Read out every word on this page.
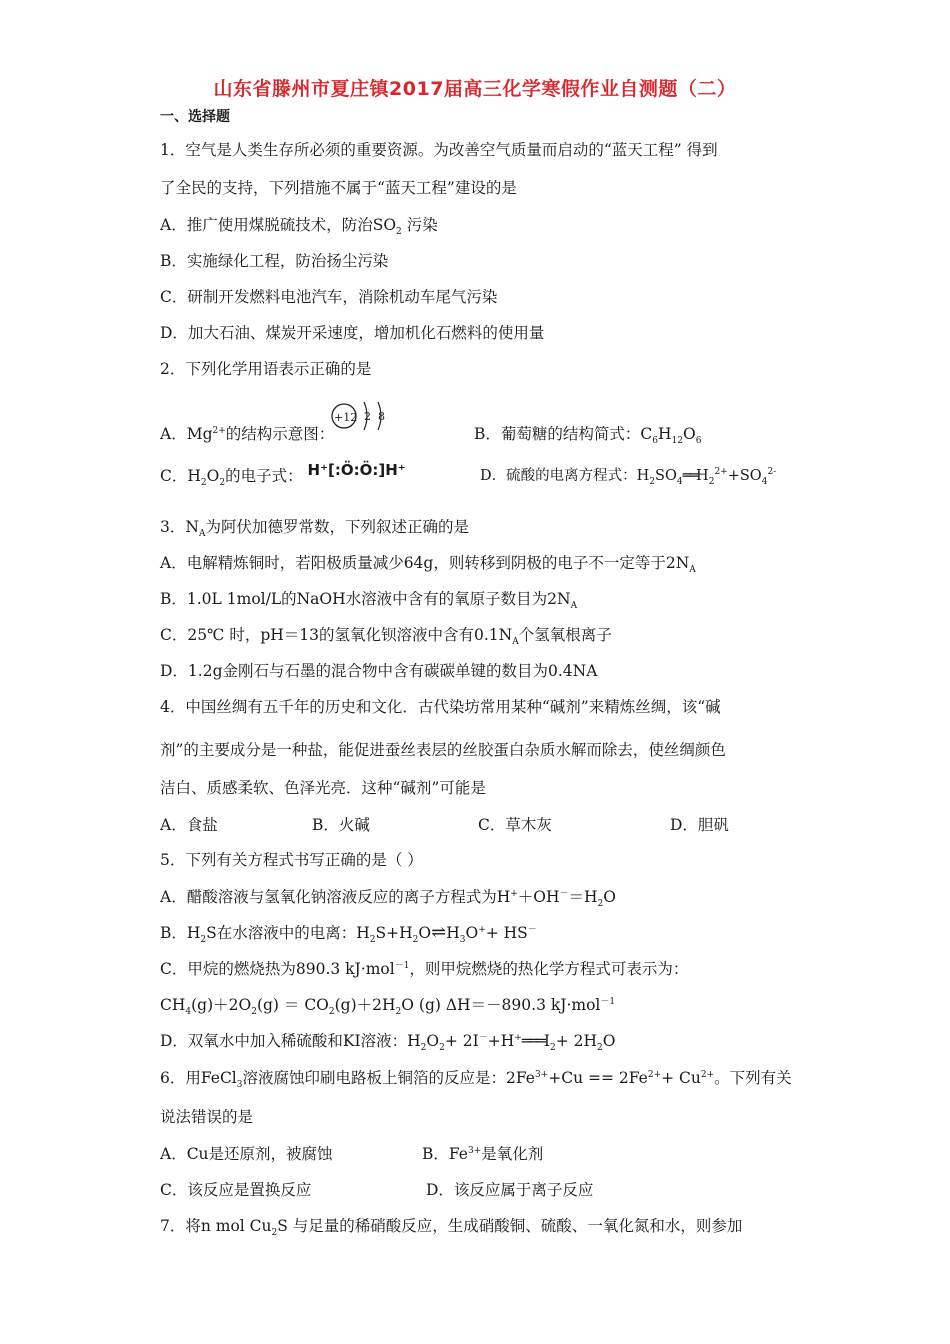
山东省滕州市夏庄镇2017届高三化学寒假作业自测题（二）
一、选择题
1．空气是人类生存所必须的重要资源。为改善空气质量而启动的“蓝天工程” 得到
了全民的支持，下列措施不属于“蓝天工程”建设的是
A．推广使用煤脱硫技术，防治$SO_2$ 污染
B．实施绿化工程，防治扬尘污染
C．研制开发燃料电池汽车，消除机动车尾气污染
D．加大石油、煤炭开采速度，增加机化石燃料的使用量
2．下列化学用语表示正确的是
A．$Mg^{2+}$的结构示意图：
+12 2 8
B．葡萄糖的结构简式：$C_6H_{12}O_6$
C．$H_2O_2$的电子式： H⁺[:Ö:Ö:]H⁺	D．硫酸的电离方程式：$H_2SO_4══H_2^{2+}+SO_4^{2-}$
3．$N_A$为阿伏加德罗常数，下列叙述正确的是
A．电解精炼铜时，若阳极质量减少64g，则转移到阴极的电子不一定等于$2N_A$
B．1.0L 1mol/L的NaOH水溶液中含有的氧原子数目为$2N_A$
C．25℃ 时，pH＝13的氢氧化钡溶液中含有$0.1N_A$个氢氧根离子
D．1.2g金刚石与石墨的混合物中含有碳碳单键的数目为0.4NA
4．中国丝绸有五千年的历史和文化．古代染坊常用某种“碱剂”来精炼丝绸，该“碱
剂”的主要成分是一种盐，能促进蚕丝表层的丝胶蛋白杂质水解而除去，使丝绸颜色
洁白、质感柔软、色泽光亮．这种“碱剂”可能是
A．食盐	B．火碱	C．草木灰	D．胆矾
5．下列有关方程式书写正确的是（ ）
A．醋酸溶液与氢氧化钠溶液反应的离子方程式为$H^++OH^-=H_2O$
B．$H_2S$在水溶液中的电离：$H_2S+H_2O\rightleftharpoons H_3O^++ HS^-$
C．甲烷的燃烧热为890.3 kJ·mol$^{-1}$，则甲烷燃烧的热化学方程式可表示为：
$CH_4(g)+2O_2(g) = CO_2(g)+2H_2O$ (g) ΔH＝－890.3 kJ·mol$^{-1}$
D．双氧水中加入稀硫酸和KI溶液：$H_2O_2+$ $2I^-+H^+═══I_2+ 2H_2O$
6．用FeCl$_3$溶液腐蚀印刷电路板上铜箔的反应是：$2Fe^{3+}+Cu == 2Fe^{2+}+ Cu^{2+}$。下列有关
说法错误的是
A．Cu是还原剂，被腐蚀	B．$Fe^{3+}$是氧化剂
C．该反应是置换反应	D．该反应属于离子反应
7．将n mol $Cu_2S$ 与足量的稀硝酸反应，生成硝酸铜、硫酸、一氧化氮和水，则参加
